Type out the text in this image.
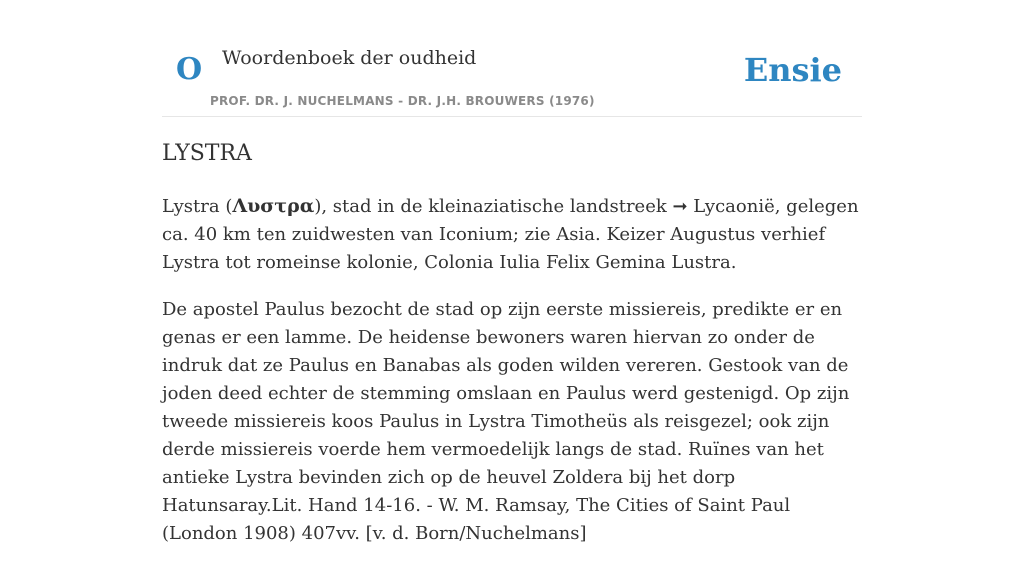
O Woordenboek der oudheid
PROF. DR. J. NUCHELMANS - DR. J.H. BROUWERS (1976)
Ensie
LYSTRA

Lystra (Λυστρα), stad in de kleinaziatische landstreek ➞ Lycaonië, gelegen ca. 40 km ten zuidwesten van Iconium; zie Asia. Keizer Augustus verhief Lystra tot romeinse kolonie, Colonia Iulia Felix Gemina Lustra.

De apostel Paulus bezocht de stad op zijn eerste missiereis, predikte er en genas er een lamme. De heidense bewoners waren hiervan zo onder de indruk dat ze Paulus en Banabas als goden wilden vereren. Gestook van de joden deed echter de stemming omslaan en Paulus werd gestenigd. Op zijn tweede missiereis koos Paulus in Lystra Timotheüs als reisgezel; ook zijn derde missiereis voerde hem vermoedelijk langs de stad. Ruïnes van het antieke Lystra bevinden zich op de heuvel Zoldera bij het dorp Hatunsaray.Lit. Hand 14-16. - W. M. Ramsay, The Cities of Saint Paul (London 1908) 407vv. [v. d. Born/Nuchelmans]
